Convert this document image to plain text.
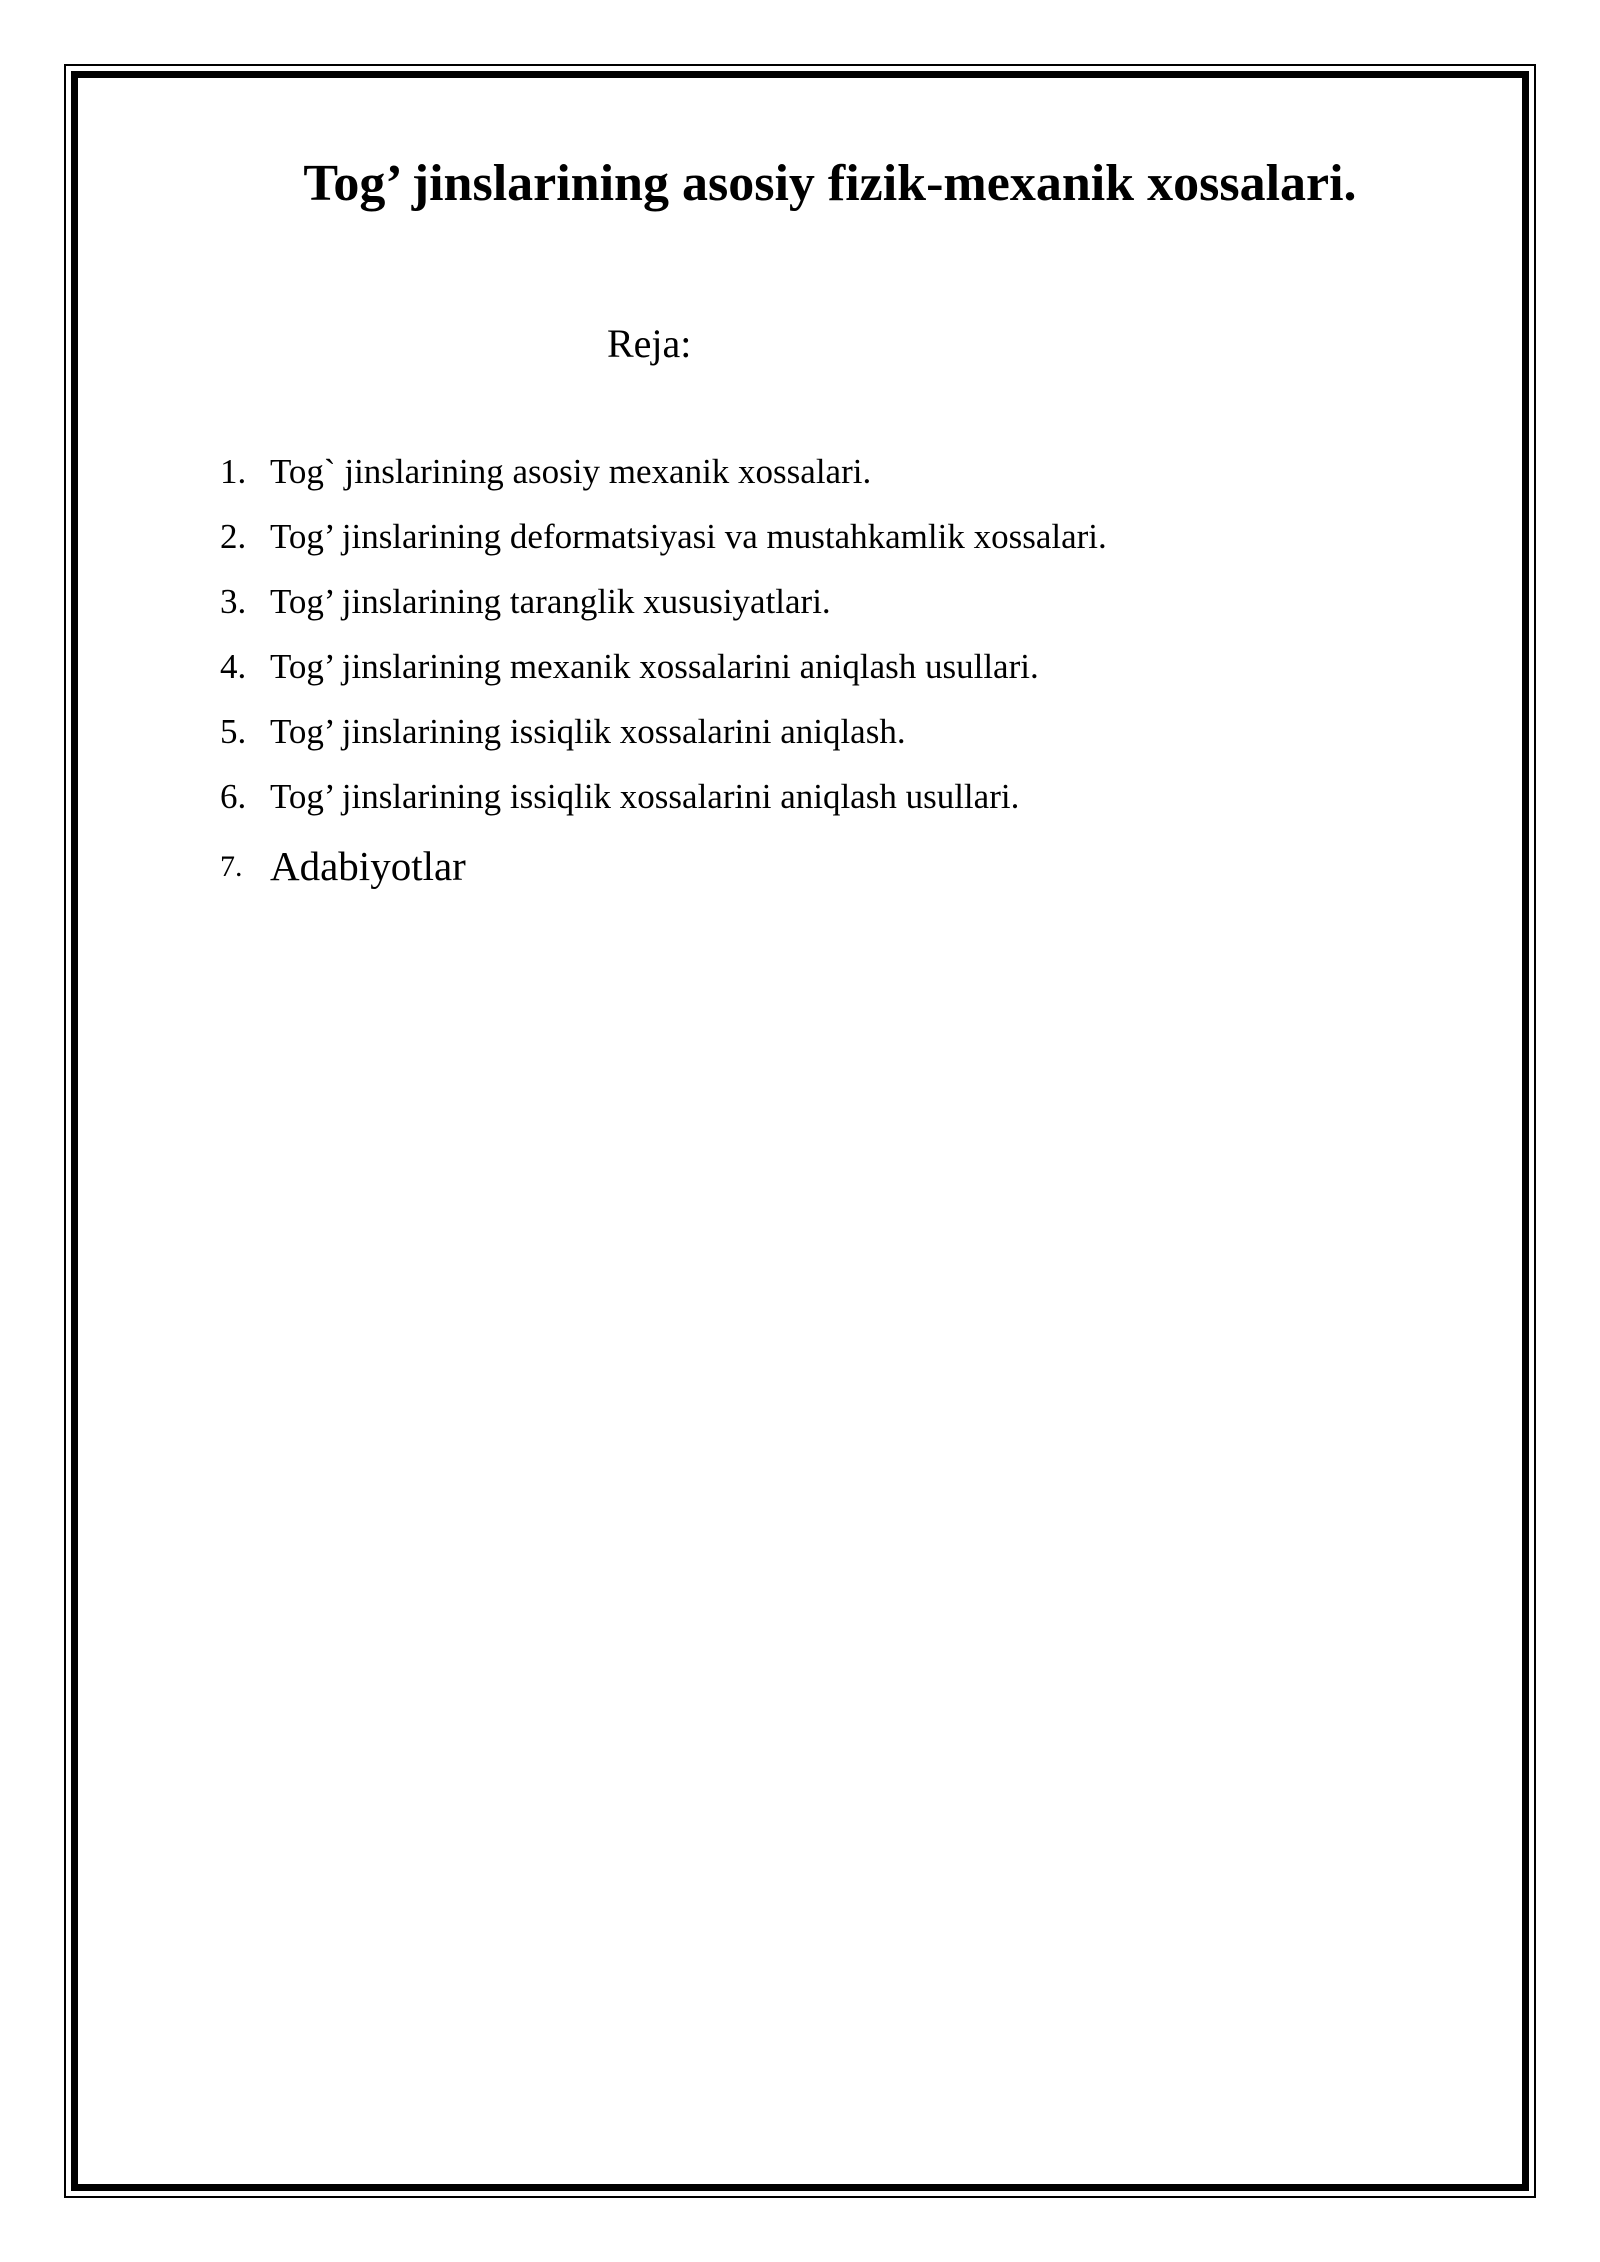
Tog’ jinslarining asosiy fizik-mexanik xossalari.
Reja:
1. Tog` jinslarining asosiy mexanik xossalari.
2. Tog’ jinslarining deformatsiyasi va mustahkamlik xossalari.
3. Tog’ jinslarining taranglik xususiyatlari.
4. Tog’ jinslarining mexanik xossalarini aniqlash usullari.
5. Tog’ jinslarining issiqlik xossalarini aniqlash.
6. Tog’ jinslarining issiqlik xossalarini aniqlash usullari.
7. Adabiyotlar
